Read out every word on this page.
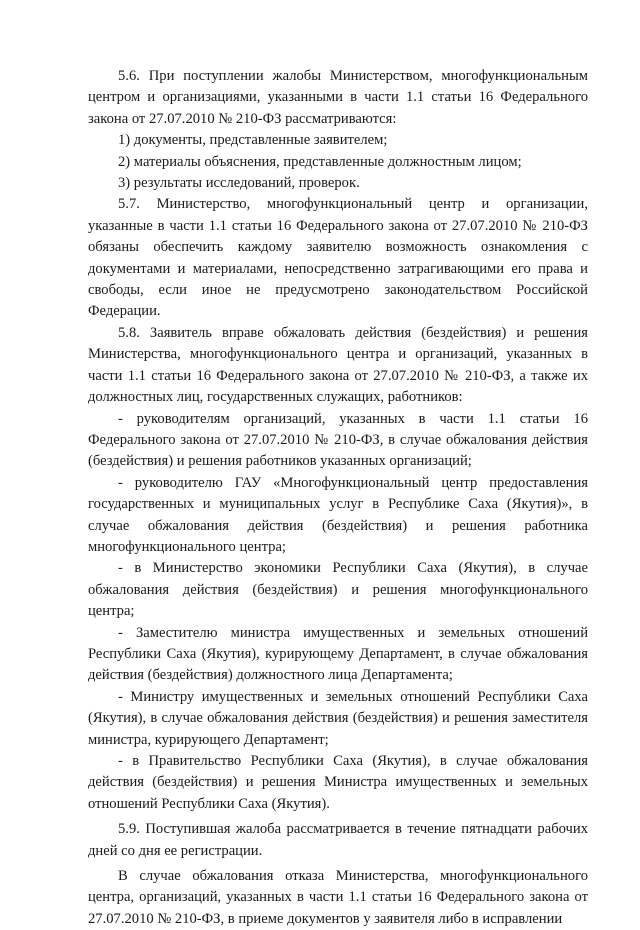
5.6. При поступлении жалобы Министерством, многофункциональным центром и организациями, указанными в части 1.1 статьи 16 Федерального закона от 27.07.2010 № 210-ФЗ рассматриваются:

1) документы, представленные заявителем;

2) материалы объяснения, представленные должностным лицом;

3) результаты исследований, проверок.

5.7. Министерство, многофункциональный центр и организации, указанные в части 1.1 статьи 16 Федерального закона от 27.07.2010 № 210-ФЗ обязаны обеспечить каждому заявителю возможность ознакомления с документами и материалами, непосредственно затрагивающими его права и свободы, если иное не предусмотрено законодательством Российской Федерации.

5.8. Заявитель вправе обжаловать действия (бездействия) и решения Министерства, многофункционального центра и организаций, указанных в части 1.1 статьи 16 Федерального закона от 27.07.2010 № 210-ФЗ, а также их должностных лиц, государственных служащих, работников:

- руководителям организаций, указанных в части 1.1 статьи 16 Федерального закона от 27.07.2010 № 210-ФЗ, в случае обжалования действия (бездействия) и решения работников указанных организаций;

- руководителю ГАУ «Многофункциональный центр предоставления государственных и муниципальных услуг в Республике Саха (Якутия)», в случае обжалования действия (бездействия) и решения работника многофункционального центра;

- в Министерство экономики Республики Саха (Якутия), в случае обжалования действия (бездействия) и решения многофункционального центра;

- Заместителю министра имущественных и земельных отношений Республики Саха (Якутия), курирующему Департамент, в случае обжалования действия (бездействия) должностного лица Департамента;

- Министру имущественных и земельных отношений Республики Саха (Якутия), в случае обжалования действия (бездействия) и решения заместителя министра, курирующего Департамент;

- в Правительство Республики Саха (Якутия), в случае обжалования действия (бездействия) и решения Министра имущественных и земельных отношений Республики Саха (Якутия).

5.9. Поступившая жалоба рассматривается в течение пятнадцати рабочих дней со дня ее регистрации.

В случае обжалования отказа Министерства, многофункционального центра, организаций, указанных в части 1.1 статьи 16 Федерального закона от 27.07.2010 № 210-ФЗ, в приеме документов у заявителя либо в исправлении
